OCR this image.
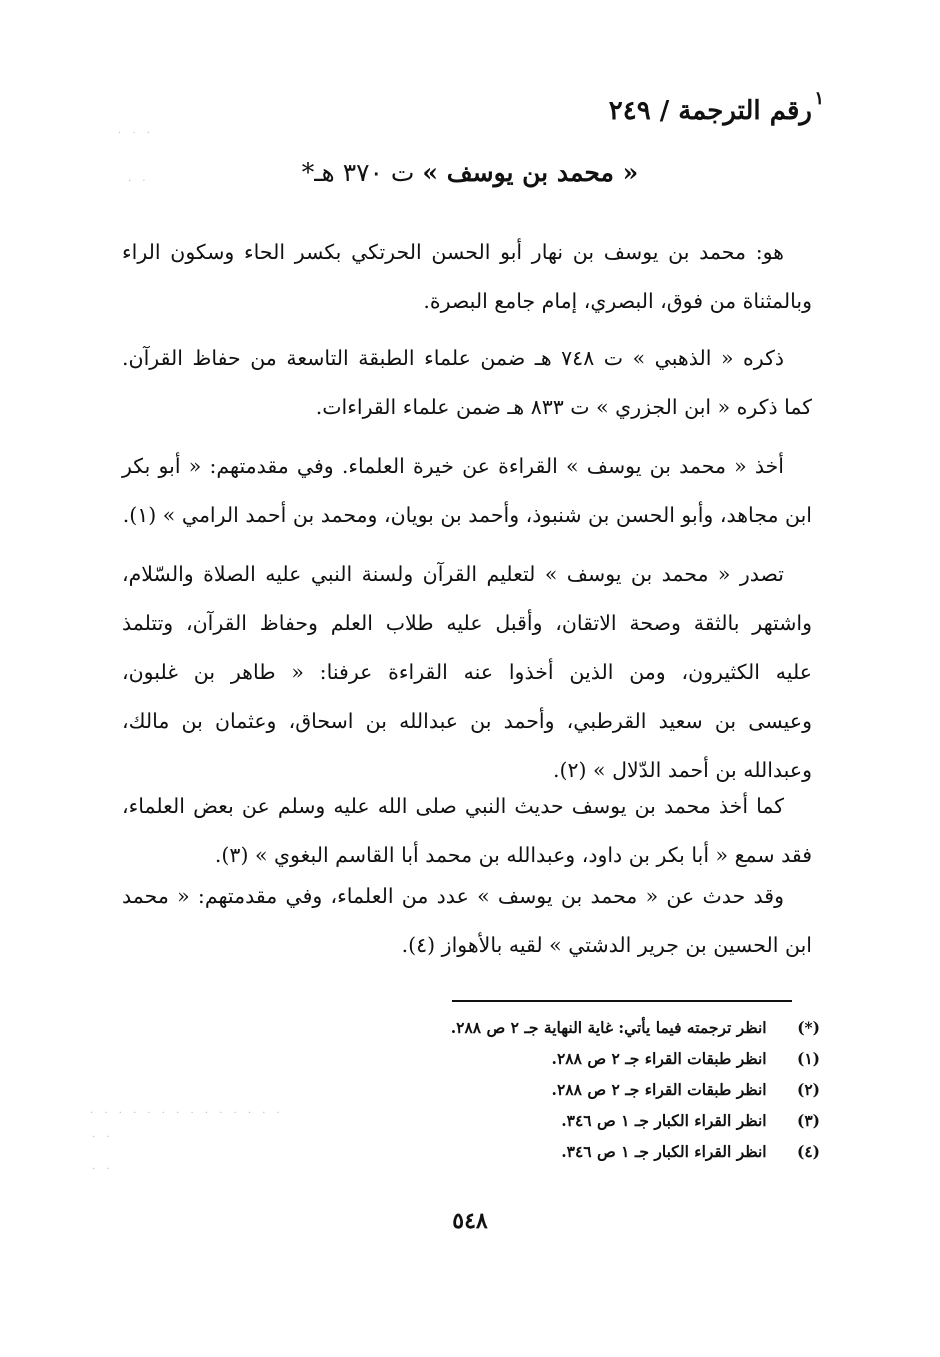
١
رقم الترجمة / ٢٤٩
« محمد بن يوسف » ت ٣٧٠ هـ*
هو: محمد بن يوسف بن نهار أبو الحسن الحرتكي بكسر الحاء وسكون الراء
وبالمثناة من فوق، البصري، إمام جامع البصرة.
ذكره « الذهبي » ت ٧٤٨ هـ ضمن علماء الطبقة التاسعة من حفاظ القرآن.
كما ذكره « ابن الجزري » ت ٨٣٣ هـ ضمن علماء القراءات.
أخذ « محمد بن يوسف » القراءة عن خيرة العلماء. وفي مقدمتهم: « أبو بكر
ابن مجاهد، وأبو الحسن بن شنبوذ، وأحمد بن بويان، ومحمد بن أحمد الرامي » (١).
تصدر « محمد بن يوسف » لتعليم القرآن ولسنة النبي عليه الصلاة والسّلام،
واشتهر بالثقة وصحة الاتقان، وأقبل عليه طلاب العلم وحفاظ القرآن، وتتلمذ
عليه الكثيرون، ومن الذين أخذوا عنه القراءة عرفنا: « طاهر بن غلبون،
وعيسى بن سعيد القرطبي، وأحمد بن عبدالله بن اسحاق، وعثمان بن مالك،
وعبدالله بن أحمد الدّلال » (٢).
كما أخذ محمد بن يوسف حديث النبي صلى الله عليه وسلم عن بعض العلماء،
فقد سمع « أبا بكر بن داود، وعبدالله بن محمد أبا القاسم البغوي » (٣).
وقد حدث عن « محمد بن يوسف » عدد من العلماء، وفي مقدمتهم: « محمد
ابن الحسين بن جرير الدشتي » لقيه بالأهواز (٤).
(*) انظر ترجمته فيما يأتي: غاية النهاية جـ ٢ ص ٢٨٨.
(١) انظر طبقات القراء جـ ٢ ص ٢٨٨.
(٢) انظر طبقات القراء جـ ٢ ص ٢٨٨.
(٣) انظر القراء الكبار جـ ١ ص ٣٤٦.
(٤) انظر القراء الكبار جـ ١ ص ٣٤٦.
٥٤٨
· · ·
· ·
· · · · · · · · · · · · · ·
· ·
· ·
